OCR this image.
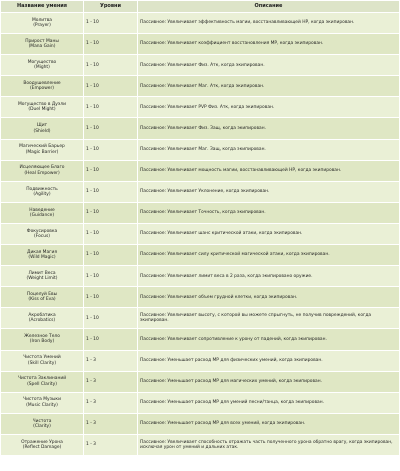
Название умения	Уровни	Описание

Молитва
(Prayer)	1 - 10	Пассивное: Увеличивает эффективность магии, восстанавливающей HP, когда экипирован.

Прирост Маны
(Mana Gain)	1 - 10	Пассивное: Увеличивает коэффициент восстановления MP, когда экипирован.

Могущество
(Might)	1 - 10	Пассивное: Увеличивает Физ. Атк, когда экипирован.

Воодушевление
(Empower)	1 - 10	Пассивное: Увеличивает Маг. Атк, когда экипирован.

Могущество в Дуэли
(Duel Might)	1 - 10	Пассивное: Увеличивает PVP Физ. Атк, когда экипирован.

Щит
(Shield)	1 - 10	Пассивное: Увеличивает Физ. Защ, когда экипирован.

Магический Барьер
(Magic Barrier)	1 - 10	Пассивное: Увеличивает Маг. Защ, когда экипирован.

Исцеляющее Благо
(Heal Empower)	1 - 10	Пассивное: Увеличивает мощность магии, восстанавливающей HP, когда экипирован.

Подвижность
(Agility)	1 - 10	Пассивное: Увеличивает Уклонение, когда экипирован.

Наведение
(Guidance)	1 - 10	Пассивное: Увеличивает Точность, когда экипирован.

Фокусировка
(Focus)	1 - 10	Пассивное: Увеличивает шанс критической атаки, когда экипирован.

Дикая Магия
(Wild Magic)	1 - 10	Пассивное: Увеличивает силу критической магической атаки, когда экипирован.

Лимит Веса
(Weight Limit)	1 - 10	Пассивное: Увеличивает лимит веса в 2 раза, когда экипировано оружие.

Поцелуй Евы
(Kiss of Eva)	1 - 10	Пассивное: Увеличивает объем грудной клетки, когда экипирован.

Акробатика
(Acrobatics)	1 - 10	Пассивное: Увеличивает высоту, с которой вы можете спрыгнуть, не получив повреждений, когда экипирован.

Железное Тело
(Iron Body)	1 - 10	Пассивное: Увеличивает сопротивление к урону от падений, когда экипирован.

Чистота Умений
(Skill Clarity)	1 - 3	Пассивное: Уменьшает расход MP для физических умений, когда экипирован.

Чистота Заклинаний
(Spell Clarity)	1 - 3	Пассивное: Уменьшает расход MP для магических умений, когда экипирован.

Чистота Музыки
(Music Clarity)	1 - 3	Пассивное: Уменьшает расход MP для умений песни/танца, когда экипирован.

Чистота
(Clarity)	1 - 3	Пассивное: Уменьшает расход MP для всех умений, когда экипирован.

Отражение Урона
(Reflect Damage)	1 - 3	Пассивное: Увеличивает способность отражать часть полученного урона обратно врагу, когда экипирован, исключая урон от умений и дальних атак.
